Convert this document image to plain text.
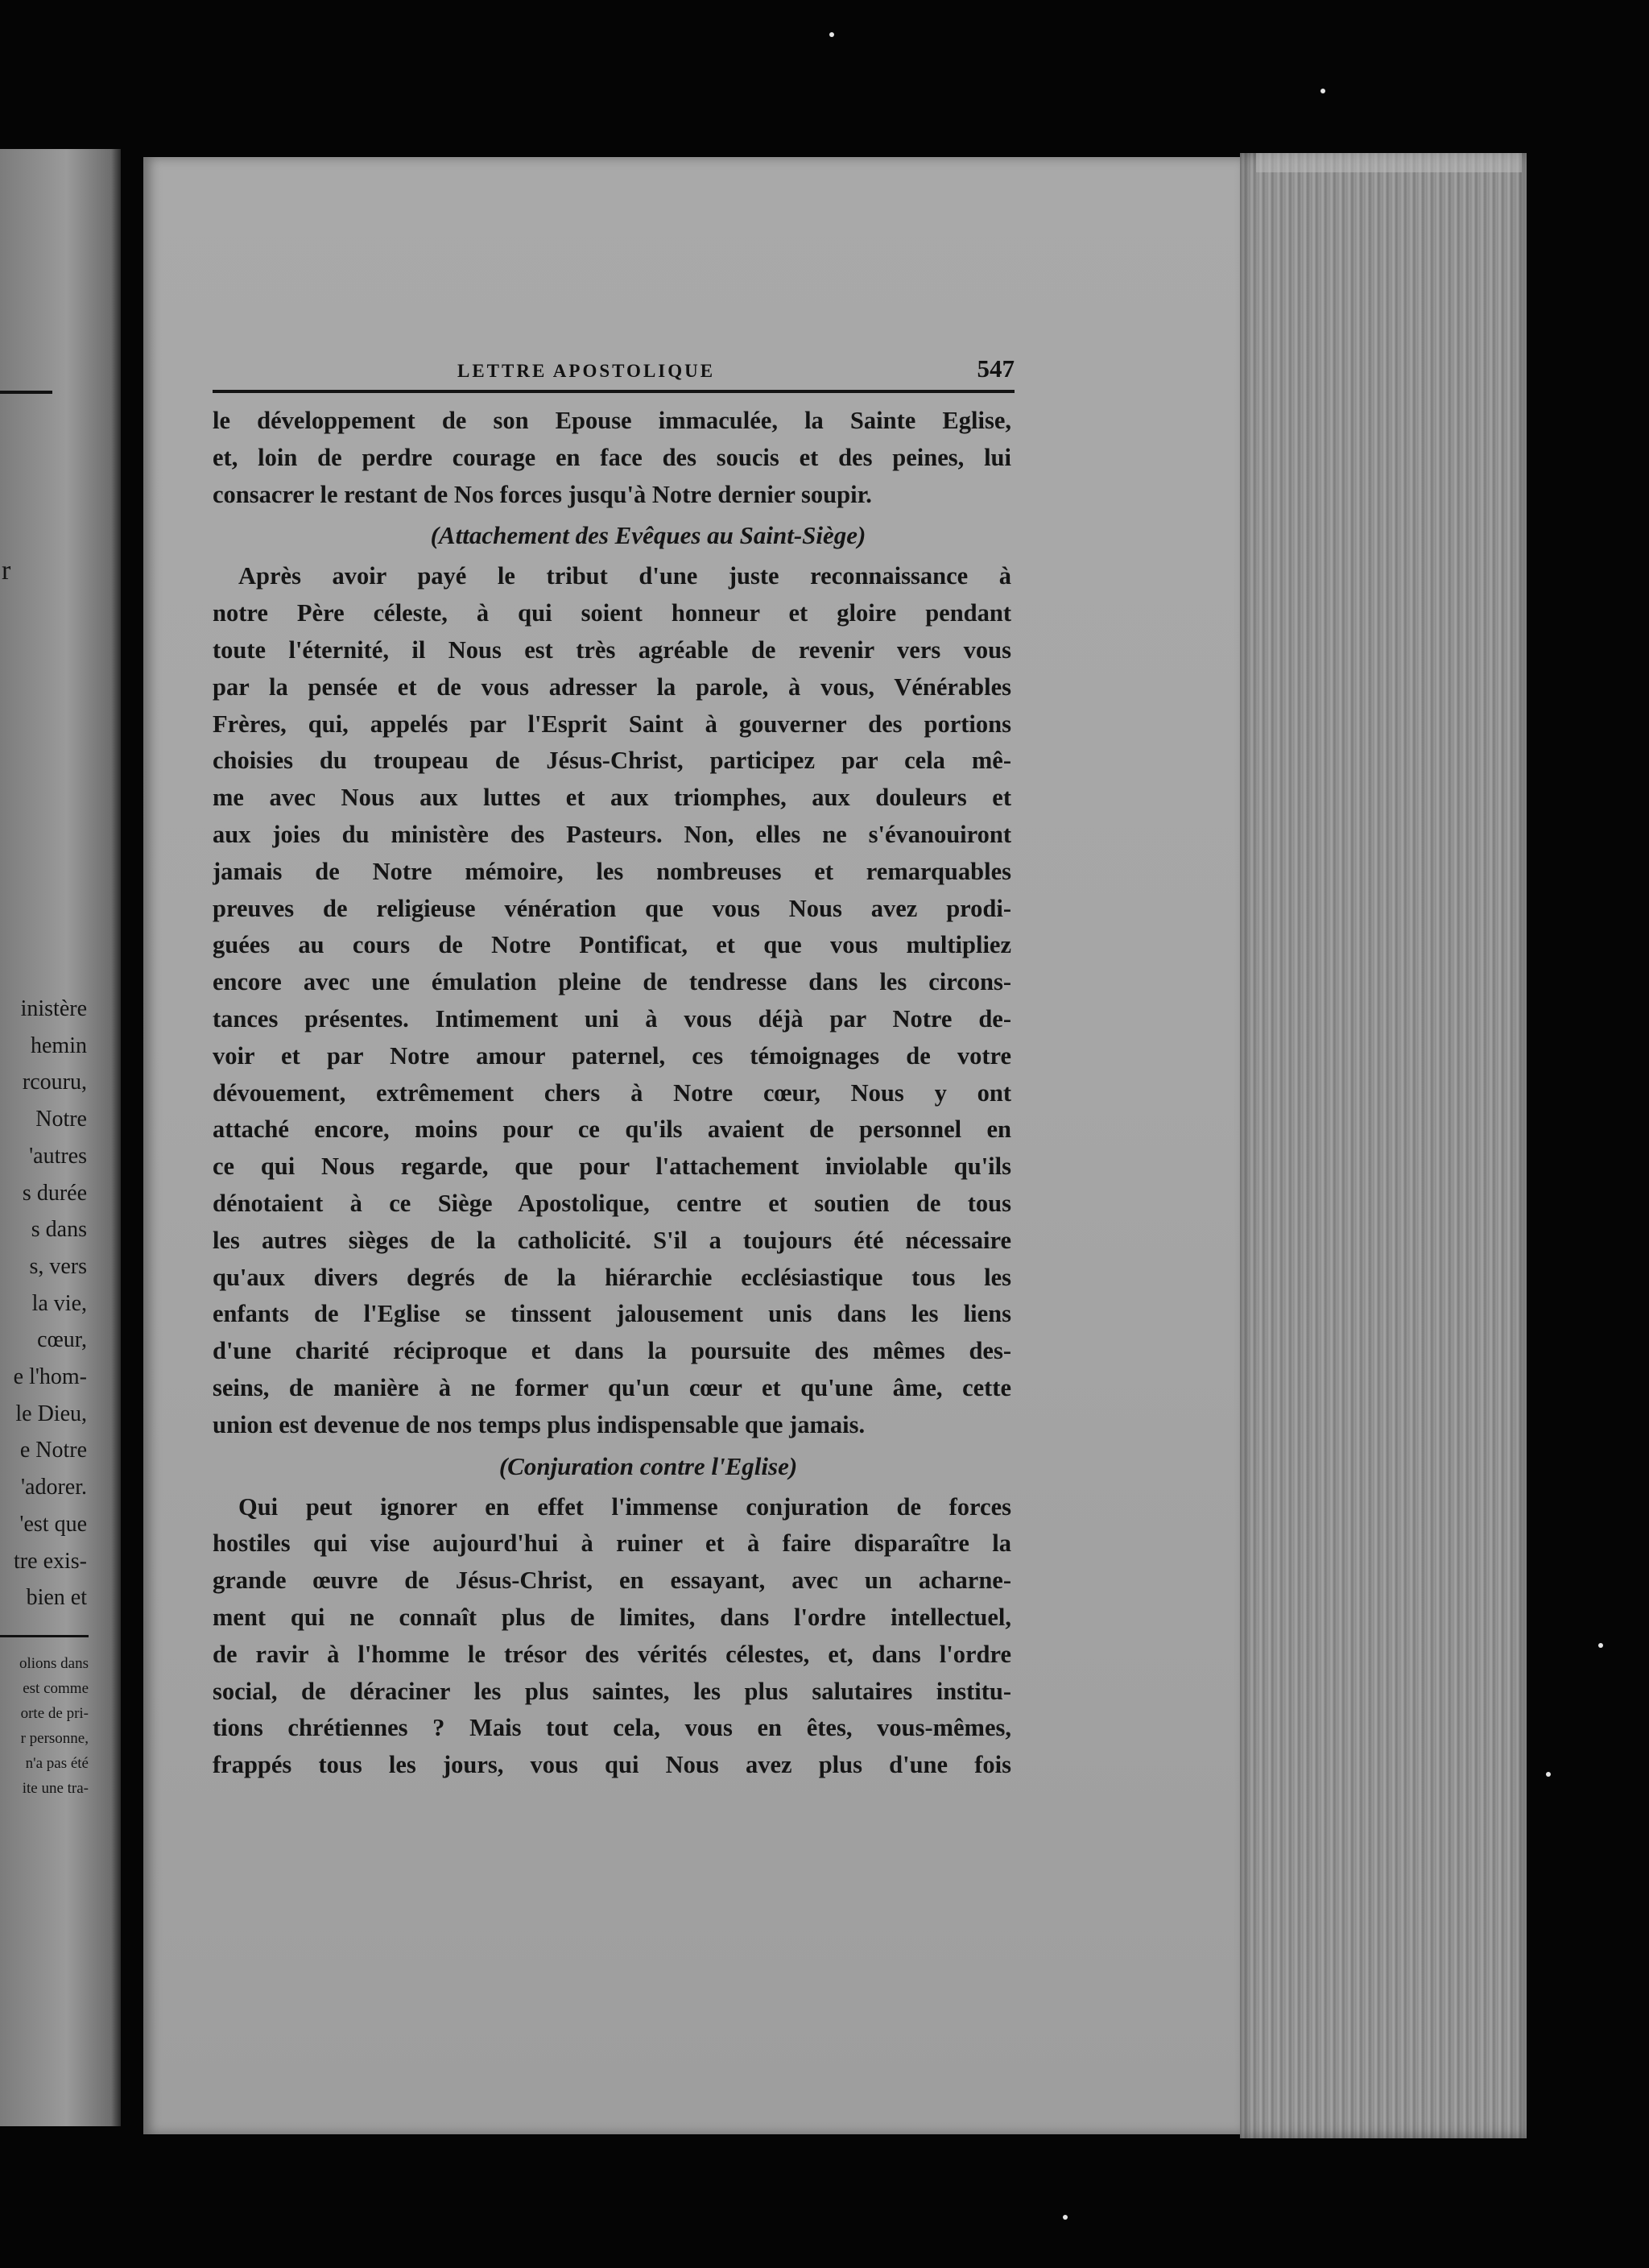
r
inistère
hemin
rcouru,
Notre
'autres
s durée
s dans
s, vers
la vie,
cœur,
e l'hom-
le Dieu,
e Notre
'adorer.
'est que
tre exis-
bien et
olions dans
est comme
orte de pri-
r personne,
n'a pas été
ite une tra-
LETTRE APOSTOLIQUE	547
le développement de son Epouse immaculée, la Sainte Eglise,
et, loin de perdre courage en face des soucis et des peines, lui
consacrer le restant de Nos forces jusqu'à Notre dernier soupir.
(Attachement des Evêques au Saint-Siège)
Après avoir payé le tribut d'une juste reconnaissance à
notre Père céleste, à qui soient honneur et gloire pendant
toute l'éternité, il Nous est très agréable de revenir vers vous
par la pensée et de vous adresser la parole, à vous, Vénérables
Frères, qui, appelés par l'Esprit Saint à gouverner des portions
choisies du troupeau de Jésus-Christ, participez par cela mê-
me avec Nous aux luttes et aux triomphes, aux douleurs et
aux joies du ministère des Pasteurs. Non, elles ne s'évanouiront
jamais de Notre mémoire, les nombreuses et remarquables
preuves de religieuse vénération que vous Nous avez prodi-
guées au cours de Notre Pontificat, et que vous multipliez
encore avec une émulation pleine de tendresse dans les circons-
tances présentes. Intimement uni à vous déjà par Notre de-
voir et par Notre amour paternel, ces témoignages de votre
dévouement, extrêmement chers à Notre cœur, Nous y ont
attaché encore, moins pour ce qu'ils avaient de personnel en
ce qui Nous regarde, que pour l'attachement inviolable qu'ils
dénotaient à ce Siège Apostolique, centre et soutien de tous
les autres sièges de la catholicité. S'il a toujours été nécessaire
qu'aux divers degrés de la hiérarchie ecclésiastique tous les
enfants de l'Eglise se tinssent jalousement unis dans les liens
d'une charité réciproque et dans la poursuite des mêmes des-
seins, de manière à ne former qu'un cœur et qu'une âme, cette
union est devenue de nos temps plus indispensable que jamais.
(Conjuration contre l'Eglise)
Qui peut ignorer en effet l'immense conjuration de forces
hostiles qui vise aujourd'hui à ruiner et à faire disparaître la
grande œuvre de Jésus-Christ, en essayant, avec un acharne-
ment qui ne connaît plus de limites, dans l'ordre intellectuel,
de ravir à l'homme le trésor des vérités célestes, et, dans l'ordre
social, de déraciner les plus saintes, les plus salutaires institu-
tions chrétiennes ? Mais tout cela, vous en êtes, vous-mêmes,
frappés tous les jours, vous qui Nous avez plus d'une fois
